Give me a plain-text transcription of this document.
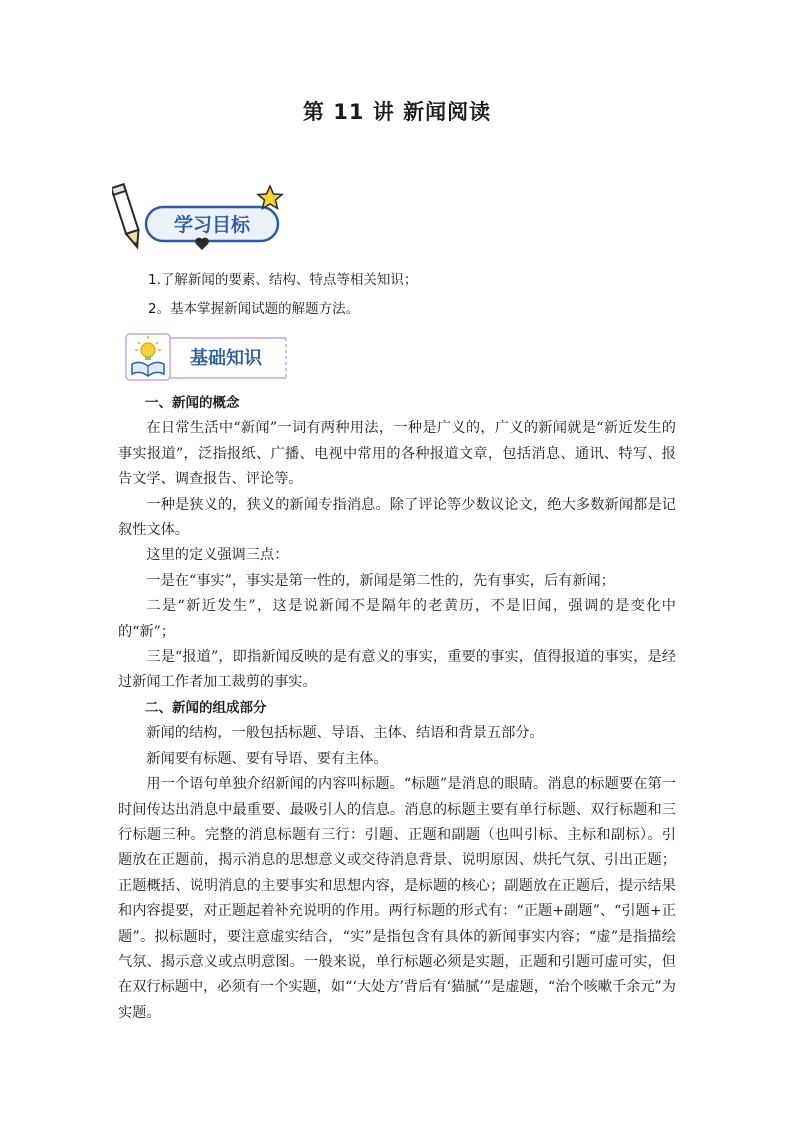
第 11 讲 新闻阅读
学习目标
1.了解新闻的要素、结构、特点等相关知识；
2。基本掌握新闻试题的解题方法。
基础知识

一、新闻的概念

在日常生活中“新闻”一词有两种用法，一种是广义的，广义的新闻就是“新近发生的事实报道”，泛指报纸、广播、电视中常用的各种报道文章，包括消息、通讯、特写、报告文学、调查报告、评论等。

一种是狭义的，狭义的新闻专指消息。除了评论等少数议论文，绝大多数新闻都是记叙性文体。

这里的定义强调三点：

一是在“事实”，事实是第一性的，新闻是第二性的，先有事实，后有新闻；

二是“新近发生”，这是说新闻不是隔年的老黄历，不是旧闻，强调的是变化中的“新”；

三是“报道”，即指新闻反映的是有意义的事实，重要的事实，值得报道的事实，是经过新闻工作者加工裁剪的事实。

二、新闻的组成部分

新闻的结构，一般包括标题、导语、主体、结语和背景五部分。

新闻要有标题、要有导语、要有主体。

用一个语句单独介绍新闻的内容叫标题。“标题”是消息的眼睛。消息的标题要在第一时间传达出消息中最重要、最吸引人的信息。消息的标题主要有单行标题、双行标题和三行标题三种。完整的消息标题有三行：引题、正题和副题（也叫引标、主标和副标）。引题放在正题前，揭示消息的思想意义或交待消息背景、说明原因、烘托气氛、引出正题；正题概括、说明消息的主要事实和思想内容，是标题的核心；副题放在正题后，提示结果和内容提要，对正题起着补充说明的作用。两行标题的形式有：“正题+副题”、“引题+正题”。拟标题时，要注意虚实结合，“实”是指包含有具体的新闻事实内容；“虚”是指描绘气氛、揭示意义或点明意图。一般来说，单行标题必须是实题，正题和引题可虚可实，但在双行标题中，必须有一个实题，如“‘大处方’背后有‘猫腻’”是虚题，“治个咳嗽千余元”为实题。
